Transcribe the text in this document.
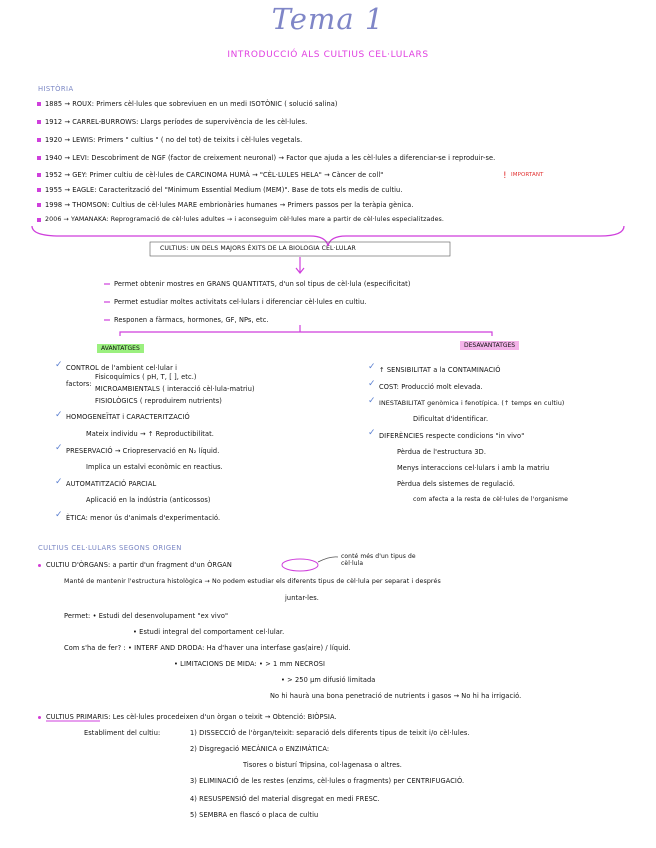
Tema 1
INTRODUCCIÓ ALS CULTIUS CEL·LULARS
HISTÒRIA
1885 → ROUX: Primers cèl·lules que sobreviuen en un medi ISOTÒNIC ( solució salina)
1912 → CARREL-BURROWS: Llargs períodes de supervivència de les cèl·lules.
1920 → LEWIS: Primers " cultius " ( no del tot) de teixits i cèl·lules vegetals.
1940 → LEVI: Descobriment de NGF (factor de creixement neuronal) → Factor que ajuda a les cèl·lules a diferenciar-se i reproduir-se.
1952 → GEY: Primer cultiu de cèl·lules de CARCINOMA HUMÀ → "CÈL·LULES HELA" → Càncer de coll"	IMPORTANT
1955 → EAGLE: Caracterització del "Minimum Essential Medium (MEM)". Base de tots els medis de cultiu.
1998 → THOMSON: Cultius de cèl·lules MARE embrionàries humanes → Primers passos per la teràpia gènica.
2006 → YAMANAKA: Reprogramació de cèl·lules adultes → i aconseguim cèl·lules mare a partir de cèl·lules especialitzades.
CULTIUS: UN DELS MAJORS ÈXITS DE LA BIOLOGIA CEL·LULAR
Permet obtenir mostres en GRANS QUANTITATS, d'un sol tipus de cèl·lula (especificitat)
Permet estudiar moltes activitats cel·lulars i diferenciar cèl·lules en cultiu.
Responen a fàrmacs, hormones, GF, NPs, etc.
AVANTATGES
✓ CONTROL de l'ambient cel·lular i
factors:
Fisicoquímics ( pH, T, [ ], etc.)
MICROAMBIENTALS ( interacció cèl·lula-matriu)
FISIOLÒGICS ( reproduirem nutrients)
✓ HOMOGENEÏTAT i CARACTERITZACIÓ
Mateix individu → ↑ Reproductibilitat.
✓ PRESERVACIÓ → Criopreservació en N₂ líquid.
Implica un estalvi econòmic en reactius.
✓ AUTOMATITZACIÓ PARCIAL
Aplicació en la indústria (anticossos)
✓ ÈTICA: menor ús d'animals d'experimentació.
DESAVANTATGES
✓ ↑ SENSIBILITAT a la CONTAMINACIÓ
✓ COST: Producció molt elevada.
✓ INESTABILITAT genòmica i fenotípica. (↑ temps en cultiu)
Dificultat d'identificar.
✓ DIFERÈNCIES respecte condicions "in vivo"
Pèrdua de l'estructura 3D.
Menys interaccions cel·lulars i amb la matriu
Pèrdua dels sistemes de regulació.
com afecta a la resta de cèl·lules de l'organisme
CULTIUS CEL·LULARS SEGONS ORIGEN
CULTIU D'ÒRGANS: a partir d'un fragment d'un ÒRGAN
conté més d'un tipus de cèl·lula
Manté de mantenir l'estructura histològica → No podem estudiar els diferents tipus de cèl·lula per separat i després
juntar-les.
Permet: • Estudi del desenvolupament "ex vivo"
• Estudi integral del comportament cel·lular.
Com s'ha de fer? : • INTERF AND DRODA: Ha d'haver una interfase gas(aire) / líquid.
• LIMITACIONS DE MIDA: • > 1 mm NECROSI
• > 250 µm difusió limitada
No hi haurà una bona penetració de nutrients i gasos → No hi ha irrigació.
CULTIUS PRIMARIS: Les cèl·lules procedeixen d'un òrgan o teixit → Obtenció: BIÒPSIA.
Establiment del cultiu:	1) DISSECCIÓ de l'òrgan/teixit: separació dels diferents tipus de teixit i/o cèl·lules.
2) Disgregació MECÀNICA o ENZIMÀTICA:
Tisores o bisturí Tripsina, col·lagenasa o altres.
3) ELIMINACIÓ de les restes (enzims, cèl·lules o fragments) per CENTRIFUGACIÓ.
4) RESUSPENSIÓ del material disgregat en medi FRESC.
5) SEMBRA en flascó o placa de cultiu
!
